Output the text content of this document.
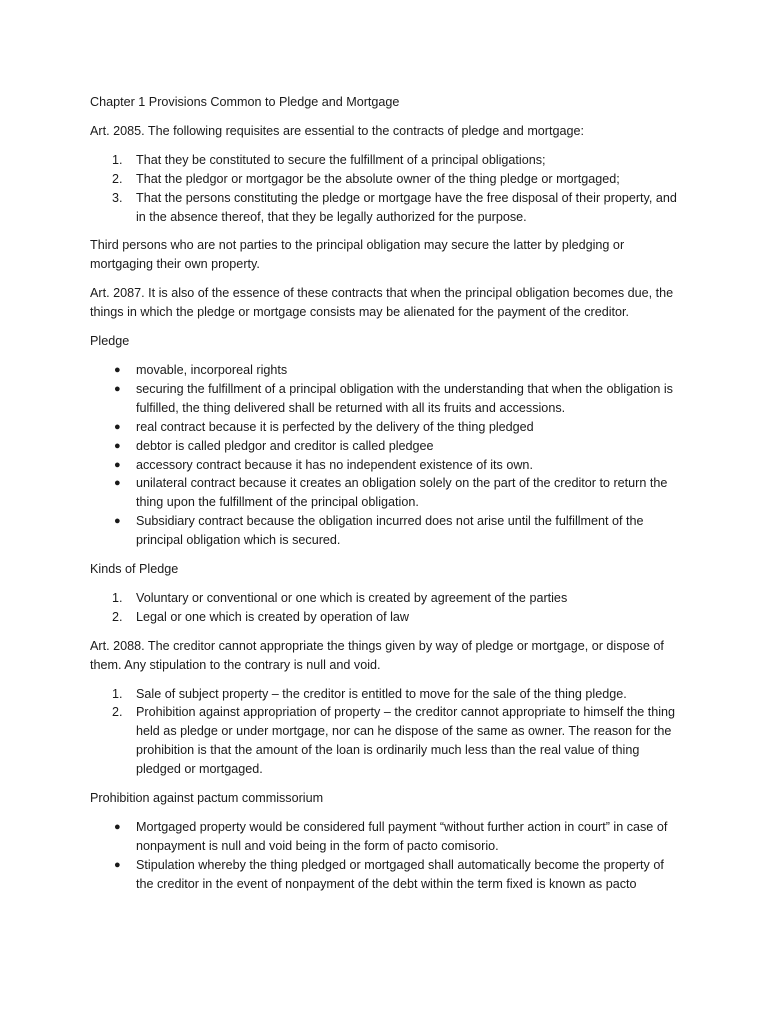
Chapter 1 Provisions Common to Pledge and Mortgage

Art. 2085. The following requisites are essential to the contracts of pledge and mortgage:

1. That they be constituted to secure the fulfillment of a principal obligations;
2. That the pledgor or mortgagor be the absolute owner of the thing pledge or mortgaged;
3. That the persons constituting the pledge or mortgage have the free disposal of their property, and in the absence thereof, that they be legally authorized for the purpose.

Third persons who are not parties to the principal obligation may secure the latter by pledging or mortgaging their own property.

Art. 2087. It is also of the essence of these contracts that when the principal obligation becomes due, the things in which the pledge or mortgage consists may be alienated for the payment of the creditor.

Pledge

● movable, incorporeal rights
● securing the fulfillment of a principal obligation with the understanding that when the obligation is fulfilled, the thing delivered shall be returned with all its fruits and accessions.
● real contract because it is perfected by the delivery of the thing pledged
● debtor is called pledgor and creditor is called pledgee
● accessory contract because it has no independent existence of its own.
● unilateral contract because it creates an obligation solely on the part of the creditor to return the thing upon the fulfillment of the principal obligation.
● Subsidiary contract because the obligation incurred does not arise until the fulfillment of the principal obligation which is secured.

Kinds of Pledge

1. Voluntary or conventional or one which is created by agreement of the parties
2. Legal or one which is created by operation of law

Art. 2088. The creditor cannot appropriate the things given by way of pledge or mortgage, or dispose of them. Any stipulation to the contrary is null and void.

1. Sale of subject property – the creditor is entitled to move for the sale of the thing pledge.
2. Prohibition against appropriation of property – the creditor cannot appropriate to himself the thing held as pledge or under mortgage, nor can he dispose of the same as owner. The reason for the prohibition is that the amount of the loan is ordinarily much less than the real value of thing pledged or mortgaged.

Prohibition against pactum commissorium

● Mortgaged property would be considered full payment “without further action in court” in case of nonpayment is null and void being in the form of pacto comisorio.
● Stipulation whereby the thing pledged or mortgaged shall automatically become the property of the creditor in the event of nonpayment of the debt within the term fixed is known as pacto
